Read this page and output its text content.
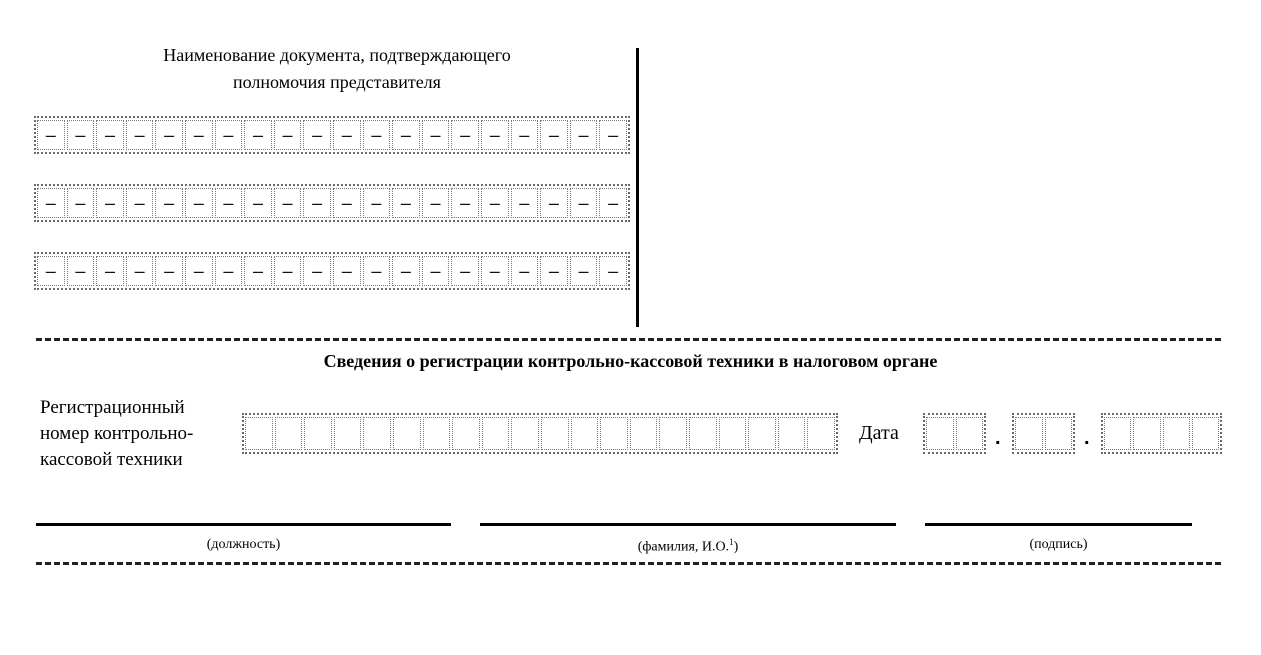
Наименование документа, подтверждающего
полномочия представителя
–	–	–	–	–	–	–	–	–	–	–	–	–	–	–	–	–	–	–	–
–	–	–	–	–	–	–	–	–	–	–	–	–	–	–	–	–	–	–	–
–	–	–	–	–	–	–	–	–	–	–	–	–	–	–	–	–	–	–	–
Сведения о регистрации контрольно-кассовой техники в налоговом органе
Регистрационный
номер контрольно-
кассовой техники
Дата	.	.
(должность)	(фамилия, И.О.$^1$)	(подпись)
